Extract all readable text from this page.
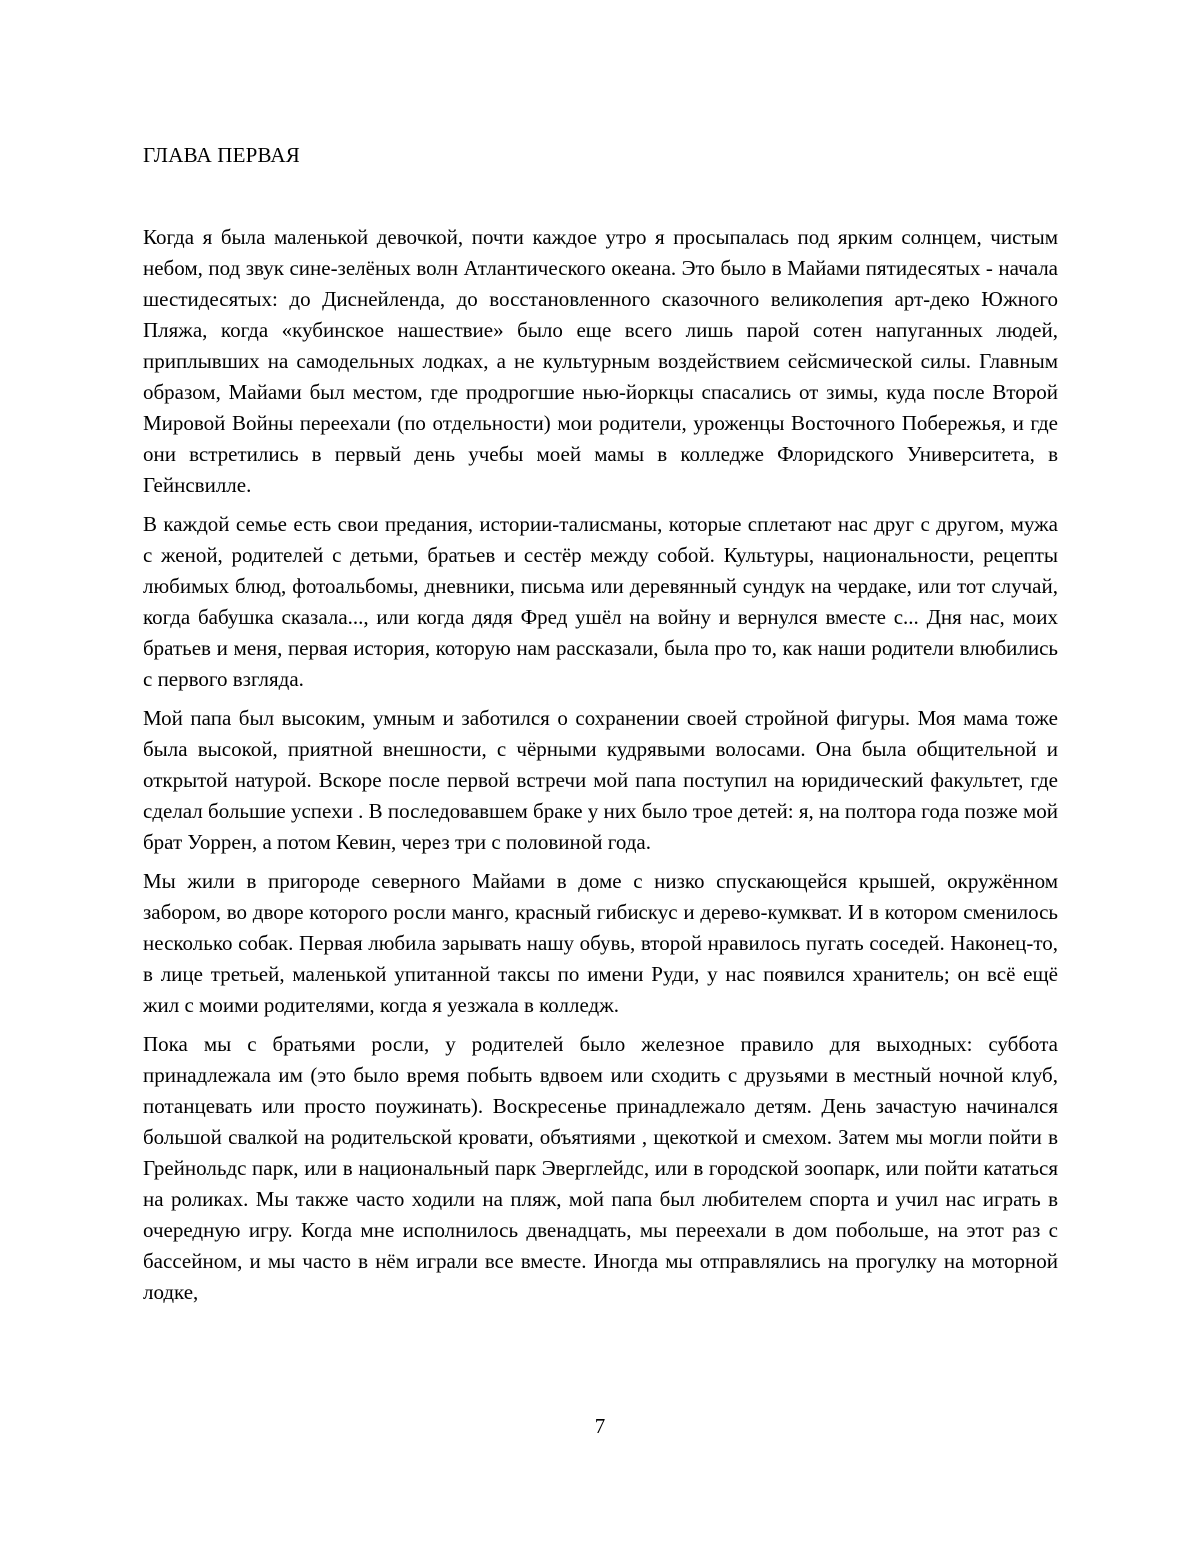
ГЛАВА ПЕРВАЯ

Когда я была маленькой девочкой, почти каждое утро я просыпалась под ярким солнцем, чистым небом, под звук сине-зелёных волн Атлантического океана. Это было в Майами пятидесятых - начала шестидесятых: до Диснейленда, до восстановленного сказочного великолепия арт-деко Южного Пляжа, когда «кубинское нашествие» было еще всего лишь парой сотен напуганных людей, приплывших на самодельных лодках, а не культурным воздействием сейсмической силы. Главным образом, Майами был местом, где продрогшие нью-йоркцы спасались от зимы, куда после Второй Мировой Войны переехали (по отдельности) мои родители, уроженцы Восточного Побережья, и где они встретились в первый день учебы моей мамы в колледже Флоридского Университета, в Гейнсвилле.

В каждой семье есть свои предания, истории-талисманы, которые сплетают нас друг с другом, мужа с женой, родителей с детьми, братьев и сестёр между собой. Культуры, национальности, рецепты любимых блюд, фотоальбомы, дневники, письма или деревянный сундук на чердаке, или тот случай, когда бабушка сказала..., или когда дядя Фред ушёл на войну и вернулся вместе с... Дня нас, моих братьев и меня, первая история, которую нам рассказали, была про то, как наши родители влюбились с первого взгляда.

Мой папа был высоким, умным и заботился о сохранении своей стройной фигуры. Моя мама тоже была высокой, приятной внешности, с чёрными кудрявыми волосами. Она была общительной и открытой натурой. Вскоре после первой встречи мой папа поступил на юридический факультет, где сделал большие успехи . В последовавшем браке у них было трое детей: я, на полтора года позже мой брат Уоррен, а потом Кевин, через три с половиной года.

Мы жили в пригороде северного Майами в доме с низко спускающейся крышей, окружённом забором, во дворе которого росли манго, красный гибискус и дерево-кумкват. И в котором сменилось несколько собак. Первая любила зарывать нашу обувь, второй нравилось пугать соседей. Наконец-то, в лице третьей, маленькой упитанной таксы по имени Руди, у нас появился хранитель; он всё ещё жил с моими родителями, когда я уезжала в колледж.

Пока мы с братьями росли, у родителей было железное правило для выходных: суббота принадлежала им (это было время побыть вдвоем или сходить с друзьями в местный ночной клуб, потанцевать или просто поужинать). Воскресенье принадлежало детям. День зачастую начинался большой свалкой на родительской кровати, объятиями , щекоткой и смехом. Затем мы могли пойти в Грейнольдс парк, или в национальный парк Эверглейдс, или в городской зоопарк, или пойти кататься на роликах. Мы также часто ходили на пляж, мой папа был любителем спорта и учил нас играть в очередную игру. Когда мне исполнилось двенадцать, мы переехали в дом побольше, на этот раз с бассейном, и мы часто в нём играли все вместе. Иногда мы отправлялись на прогулку на моторной лодке,

7
